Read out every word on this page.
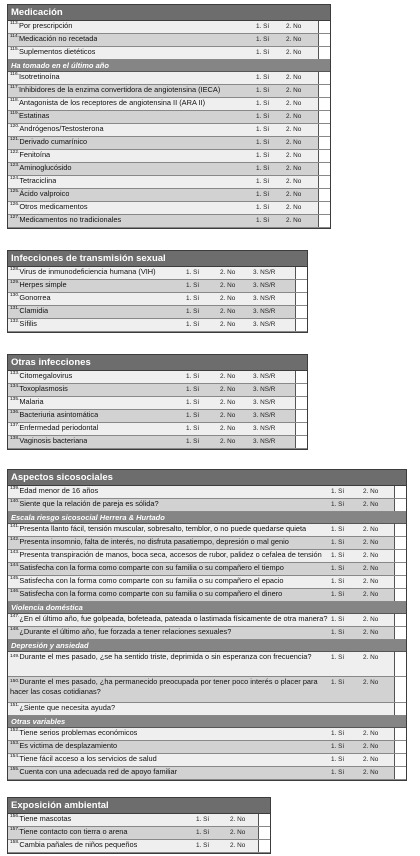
Medicación
$^{113.}$Por prescripción	1. Sí	2. No
$^{114.}$Medicación no recetada	1. Sí	2. No
$^{115.}$Suplementos dietéticos	1. Sí	2. No
Ha tomado en el último año
$^{116.}$Isotretinoína	1. Sí	2. No
$^{117.}$Inhibidores de la enzima convertidora de angiotensina (IECA)	1. Sí	2. No
$^{118.}$Antagonista de los receptores de angiotensina II (ARA II)	1. Sí	2. No
$^{119.}$Estatinas	1. Sí	2. No
$^{120.}$Andrógenos/Testosterona	1. Sí	2. No
$^{121.}$Derivado cumarínico	1. Sí	2. No
$^{122.}$Fenitoína	1. Sí	2. No
$^{123.}$Aminoglucósido	1. Sí	2. No
$^{124.}$Tetraciclina	1. Sí	2. No
$^{125.}$Ácido valproico	1. Sí	2. No
$^{126.}$Otros medicamentos	1. Sí	2. No
$^{127.}$Medicamentos no tradicionales	1. Sí	2. No
Infecciones de transmisión sexual
$^{128.}$Virus de inmunodeficiencia humana (VIH)	1. Sí	2. No	3. NS/R
$^{129.}$Herpes simple	1. Sí	2. No	3. NS/R
$^{130.}$Gonorrea	1. Sí	2. No	3. NS/R
$^{131.}$Clamidia	1. Sí	2. No	3. NS/R
$^{132.}$Sífilis	1. Sí	2. No	3. NS/R
Otras infecciones
$^{133.}$Citomegalovirus	1. Sí	2. No	3. NS/R
$^{134.}$Toxoplasmosis	1. Sí	2. No	3. NS/R
$^{135.}$Malaria	1. Sí	2. No	3. NS/R
$^{136.}$Bacteriuria asintomática	1. Sí	2. No	3. NS/R
$^{137.}$Enfermedad periodontal	1. Sí	2. No	3. NS/R
$^{138.}$Vaginosis bacteriana	1. Sí	2. No	3. NS/R
Aspectos sicosociales
$^{139.}$Edad menor de 16 años	1. Sí	2. No
$^{140.}$Siente que la relación de pareja es sólida?	1. Sí	2. No
Escala riesgo sicosocial Herrera & Hurtado
$^{141.}$Presenta llanto fácil, tensión muscular, sobresalto, temblor, o no puede quedarse quieta	1. Sí	2. No
$^{142.}$Presenta insomnio, falta de interés, no disfruta pasatiempo, depresión o mal genio	1. Sí	2. No
$^{143.}$Presenta transpiración de manos, boca seca, accesos de rubor, palidez o cefalea de tensión 1. Sí	2. No
$^{144.}$Satisfecha con la forma como comparte con su familia o su compañero el tiempo	1. Sí	2. No
$^{145.}$Satisfecha con la forma como comparte con su familia o su compañero el epacio	1. Sí	2. No
$^{146.}$Satisfecha con la forma como comparte con su familia o su compañero el dinero	1. Sí	2. No
Violencia doméstica
$^{147.}$¿En el último año, fue golpeada, bofeteada, pateada o lastimada físicamente de otra manera? 1. Sí	2. No
$^{148.}$¿Durante el último año, fue forzada a tener relaciones sexuales?	1. Sí	2. No
Depresión y ansiedad
$^{149.}$Durante el mes pasado, ¿se ha sentido triste, deprimida o sin esperanza con frecuencia?	1. Sí	2. No
$^{150.}$Durante el mes pasado, ¿ha permanecido preocupada por tener poco interés o placer para hacer las cosas cotidianas?
1. Sí	2. No
$^{151.}$¿Siente que necesita ayuda?
Otras variables
$^{152.}$Tiene serios problemas económicos	1. Sí	2. No
$^{153.}$Es victima de desplazamiento	1. Sí	2. No
$^{154.}$Tiene fácil acceso a los servicios de salud	1. Sí	2. No
$^{155.}$Cuenta con una adecuada red de apoyo familiar	1. Sí	2. No
Exposición ambiental
$^{156.}$Tiene mascotas	1. Sí	2. No
$^{157.}$Tiene contacto con tierra o arena	1. Sí	2. No
$^{158.}$Cambia pañales de niños pequeños	1. Sí	2. No
